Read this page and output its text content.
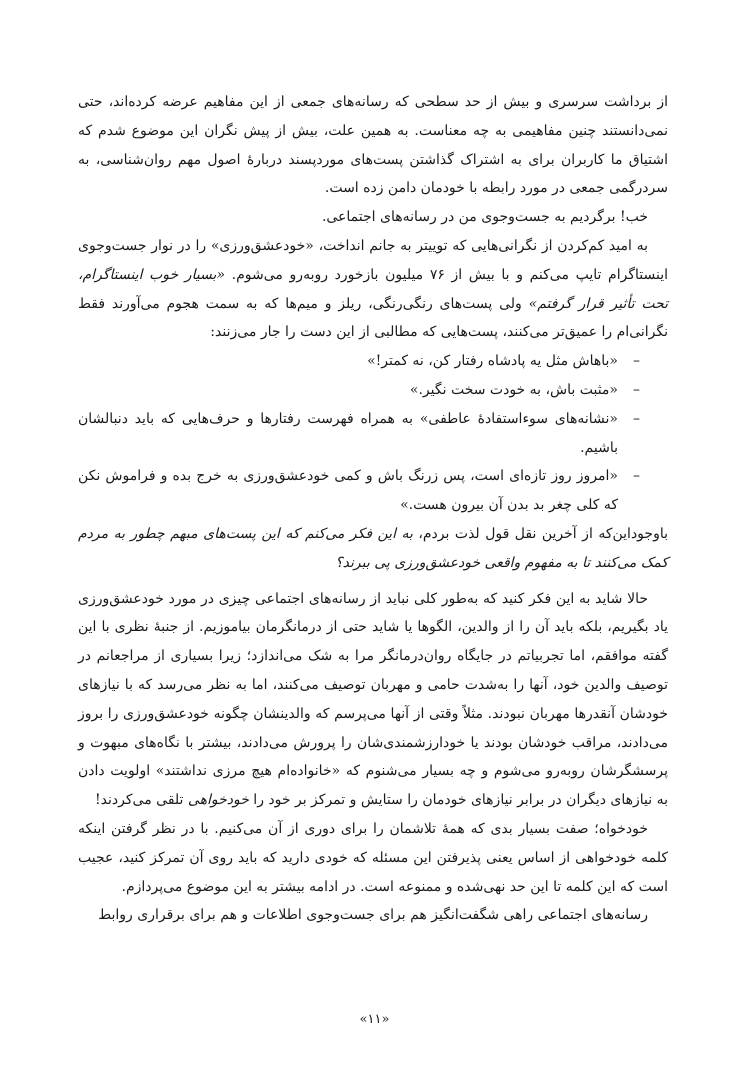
از برداشت سرسری و بیش از حد سطحی که رسانه‌های جمعی از این مفاهیم عرضه کرده‌اند، حتی نمی‌دانستند چنین مفاهیمی به چه معناست. به همین علت، بیش از پیش نگران این موضوع شدم که اشتیاق ما کاربران برای به اشتراک گذاشتن پست‌های موردپسند دربارهٔ اصول مهم روان‌شناسی، به سردرگمی جمعی در مورد رابطه با خودمان دامن زده است.

خب! برگردیم به جست‌وجوی من در رسانه‌های اجتماعی.

به امید کم‌کردن از نگرانی‌هایی که توییتر به جانم انداخت، «خودعشق‌ورزی» را در نوار جست‌وجوی اینستاگرام تایپ می‌کنم و با بیش از ۷۶ میلیون بازخورد روبه‌رو می‌شوم. «بسیار خوب اینستاگرام، تحت تأثیر قرار گرفتم» ولی پست‌های رنگی‌رنگی، ریلز و میم‌ها که به سمت هجوم می‌آورند فقط نگرانی‌ام را عمیق‌تر می‌کنند، پست‌هایی که مطالبی از این دست را جار می‌زنند:

– «باهاش مثل یه پادشاه رفتار کن، نه کمتر!»
– «مثبت باش، به خودت سخت نگیر.»
– «نشانه‌های سوءاستفادهٔ عاطفی» به همراه فهرست رفتارها و حرف‌هایی که باید دنبالشان باشیم.
– «امروز روز تازه‌ای است، پس زرنگ باش و کمی خودعشق‌ورزی به خرج بده و فراموش نکن که کلی چغر بد بدن آن بیرون هست.»

باوجوداین‌که از آخرین نقل قول لذت بردم، به این فکر می‌کنم که این پست‌های مبهم چطور به مردم کمک می‌کنند تا به مفهوم واقعی خودعشق‌ورزی پی ببرند؟

حالا شاید به این فکر کنید که به‌طور کلی نباید از رسانه‌های اجتماعی چیزی در مورد خودعشق‌ورزی یاد بگیریم، بلکه باید آن را از والدین، الگوها یا شاید حتی از درمانگرمان بیاموزیم. از جنبهٔ نظری با این گفته موافقم، اما تجربیاتم در جایگاه روان‌درمانگر مرا به شک می‌اندازد؛ زیرا بسیاری از مراجعانم در توصیف والدین خود، آنها را به‌شدت حامی و مهربان توصیف می‌کنند، اما به نظر می‌رسد که با نیازهای خودشان آنقدرها مهربان نبودند. مثلاً وقتی از آنها می‌پرسم که والدینشان چگونه خودعشق‌ورزی را بروز می‌دادند، مراقب خودشان بودند یا خودارزشمندی‌شان را پرورش می‌دادند، بیشتر با نگاه‌های مبهوت و پرسشگرشان روبه‌رو می‌شوم و چه بسیار می‌شنوم که «خانواده‌ام هیچ مرزی نداشتند» اولویت دادن به نیازهای دیگران در برابر نیازهای خودمان را ستایش و تمرکز بر خود را خودخواهی تلقی می‌کردند!

خودخواه؛ صفت بسیار بدی که همهٔ تلاشمان را برای دوری از آن می‌کنیم. با در نظر گرفتن اینکه کلمه خودخواهی از اساس یعنی پذیرفتن این مسئله که خودی دارید که باید روی آن تمرکز کنید، عجیب است که این کلمه تا این حد نهی‌شده و ممنوعه است. در ادامه بیشتر به این موضوع می‌پردازم.

رسانه‌های اجتماعی راهی شگفت‌انگیز هم برای جست‌وجوی اطلاعات و هم برای برقراری روابط

«۱۱»
